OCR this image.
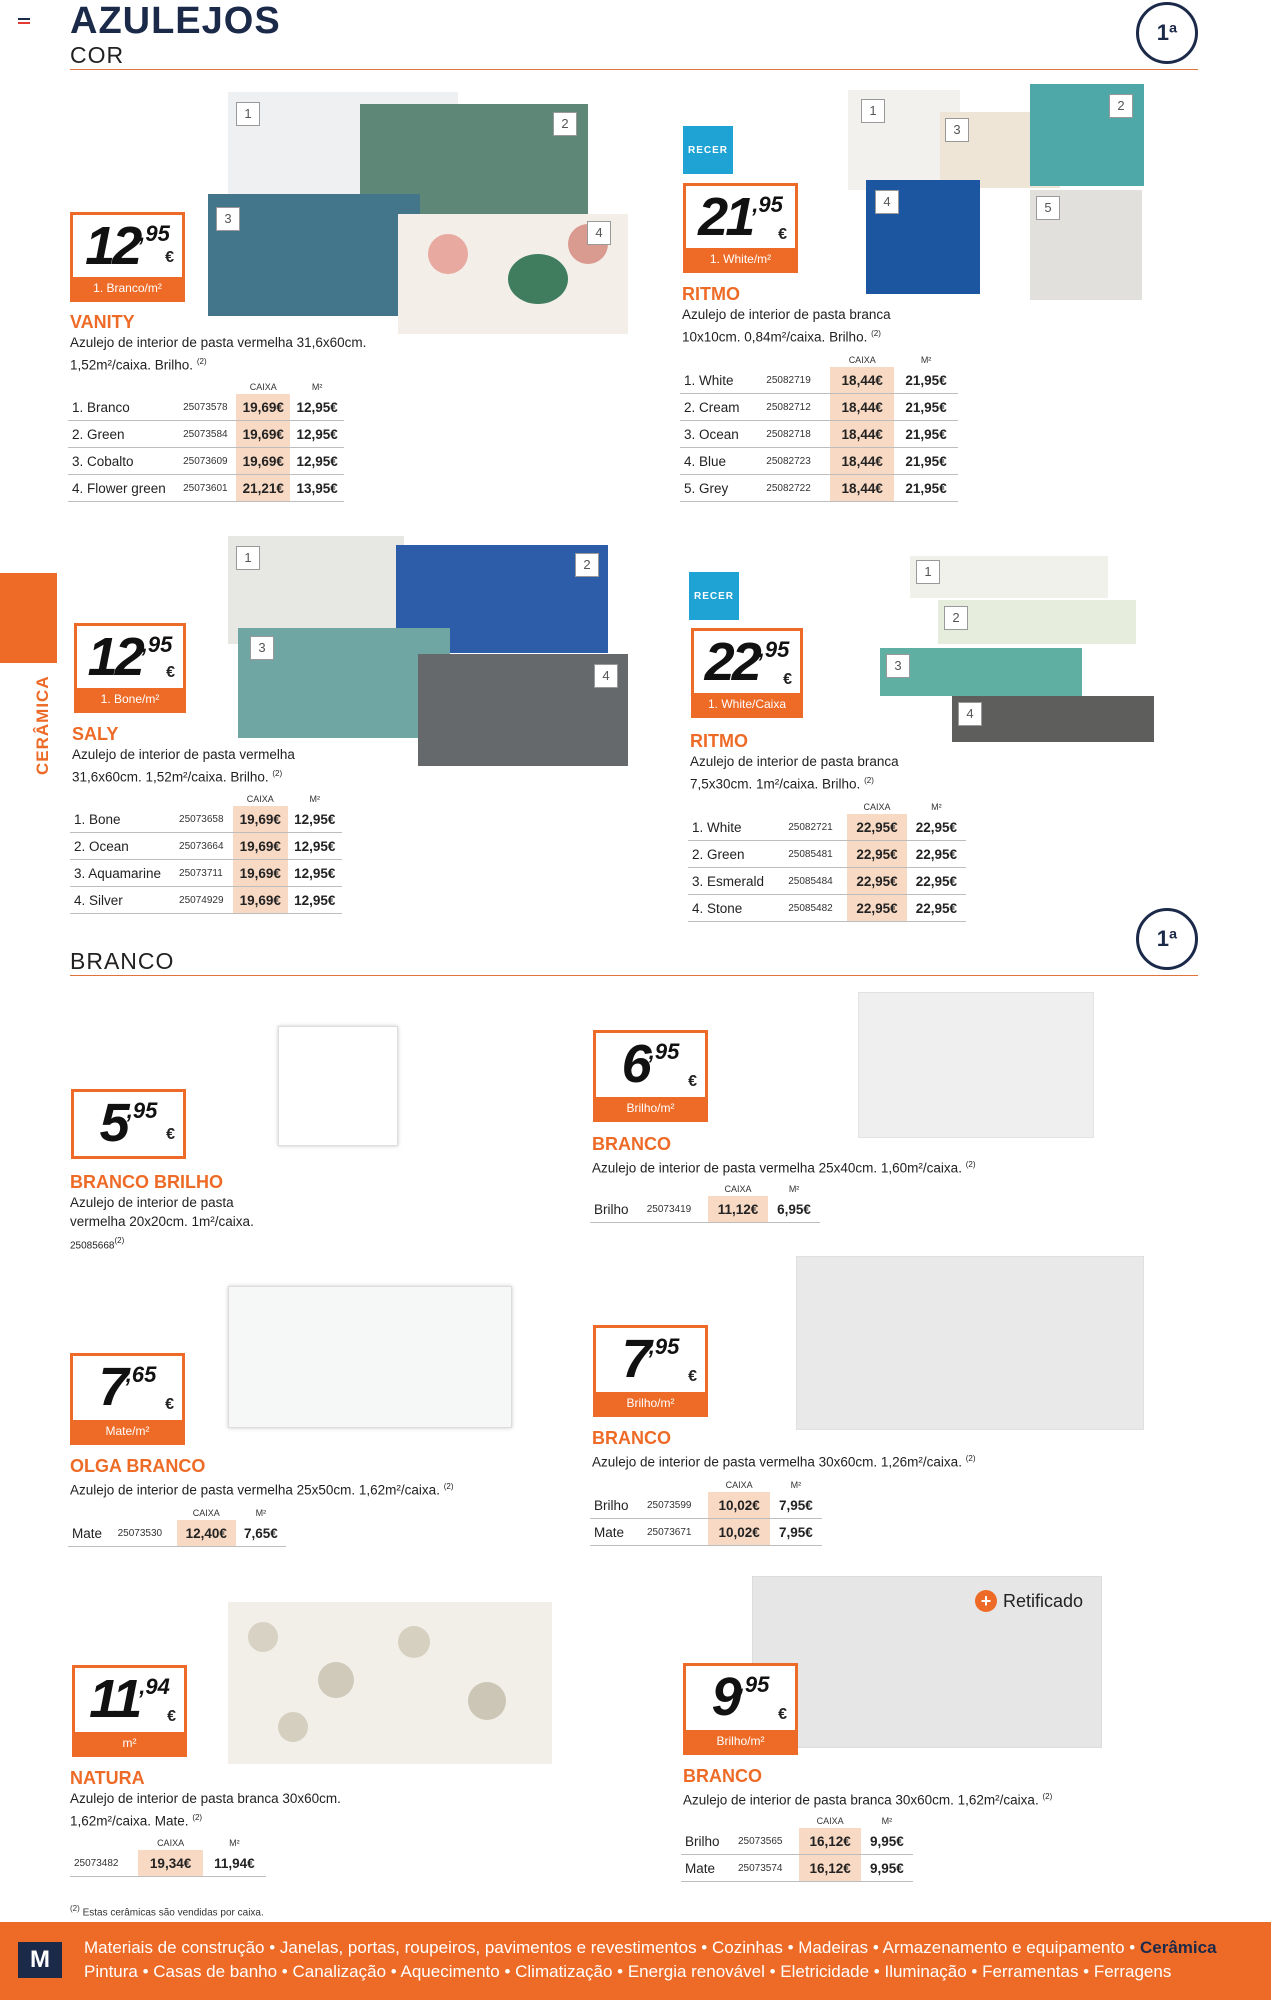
AZULEJOS
COR
1ª
CERÂMICA
1
2
3
4
12,95
€
1. Branco/m²
VANITY
Azulejo de interior de pasta vermelha 31,6x60cm.
1,52m²/caixa. Brilho. $^{(2)}$
		CAIXA	M²
1. Branco	25073578	19,69€	12,95€
2. Green	25073584	19,69€	12,95€
3. Cobalto	25073609	19,69€	12,95€
4. Flower green	25073601	21,21€	13,95€
RECER
1	2
3
4	5
21,95
€
1. White/m²
RITMO
Azulejo de interior de pasta branca
10x10cm. 0,84m²/caixa. Brilho. $^{(2)}$
		CAIXA	M²
1. White	25082719	18,44€	21,95€
2. Cream	25082712	18,44€	21,95€
3. Ocean	25082718	18,44€	21,95€
4. Blue	25082723	18,44€	21,95€
5. Grey	25082722	18,44€	21,95€
1	2
3
4
12,95
€
1. Bone/m²
SALY
Azulejo de interior de pasta vermelha
31,6x60cm. 1,52m²/caixa. Brilho. $^{(2)}$
		CAIXA	M²
1. Bone	25073658	19,69€	12,95€
2. Ocean	25073664	19,69€	12,95€
3. Aquamarine	25073711	19,69€	12,95€
4. Silver	25074929	19,69€	12,95€
RECER
1
2
3
4
22,95
€
1. White/Caixa
RITMO
Azulejo de interior de pasta branca
7,5x30cm. 1m²/caixa. Brilho. $^{(2)}$
		CAIXA	M²
1. White	25082721	22,95€	22,95€
2. Green	25085481	22,95€	22,95€
3. Esmerald	25085484	22,95€	22,95€
4. Stone	25085482	22,95€	22,95€
BRANCO
1ª
5,95
€
BRANCO BRILHO
Azulejo de interior de pasta
vermelha 20x20cm. 1m²/caixa.
25085668$^{(2)}$
6,95
€
Brilho/m²
BRANCO
Azulejo de interior de pasta vermelha 25x40cm. 1,60m²/caixa. $^{(2)}$
		CAIXA	M²
Brilho	25073419	11,12€	6,95€
7,65
€
Mate/m²
OLGA BRANCO
Azulejo de interior de pasta vermelha 25x50cm. 1,62m²/caixa. $^{(2)}$
		CAIXA	M²
Mate	25073530	12,40€	7,65€
7,95
€
Brilho/m²
BRANCO
Azulejo de interior de pasta vermelha 30x60cm. 1,26m²/caixa. $^{(2)}$
		CAIXA	M²
Brilho	25073599	10,02€	7,95€
Mate	25073671	10,02€	7,95€
11,94
€
m²
NATURA
Azulejo de interior de pasta branca 30x60cm.
1,62m²/caixa. Mate. $^{(2)}$
	CAIXA	M²
25073482	19,34€	11,94€
+ Retificado
9,95
€
Brilho/m²
BRANCO
Azulejo de interior de pasta branca 30x60cm. 1,62m²/caixa. $^{(2)}$
		CAIXA	M²
Brilho	25073565	16,12€	9,95€
Mate	25073574	16,12€	9,95€
$^{(2)}$ Estas cerâmicas são vendidas por caixa.
M	Materiais de construção • Janelas, portas, roupeiros, pavimentos e revestimentos • Cozinhas • Madeiras • Armazenamento e equipamento • Cerâmica
Pintura • Casas de banho • Canalização • Aquecimento • Climatização • Energia renovável • Eletricidade • Iluminação • Ferramentas • Ferragens
